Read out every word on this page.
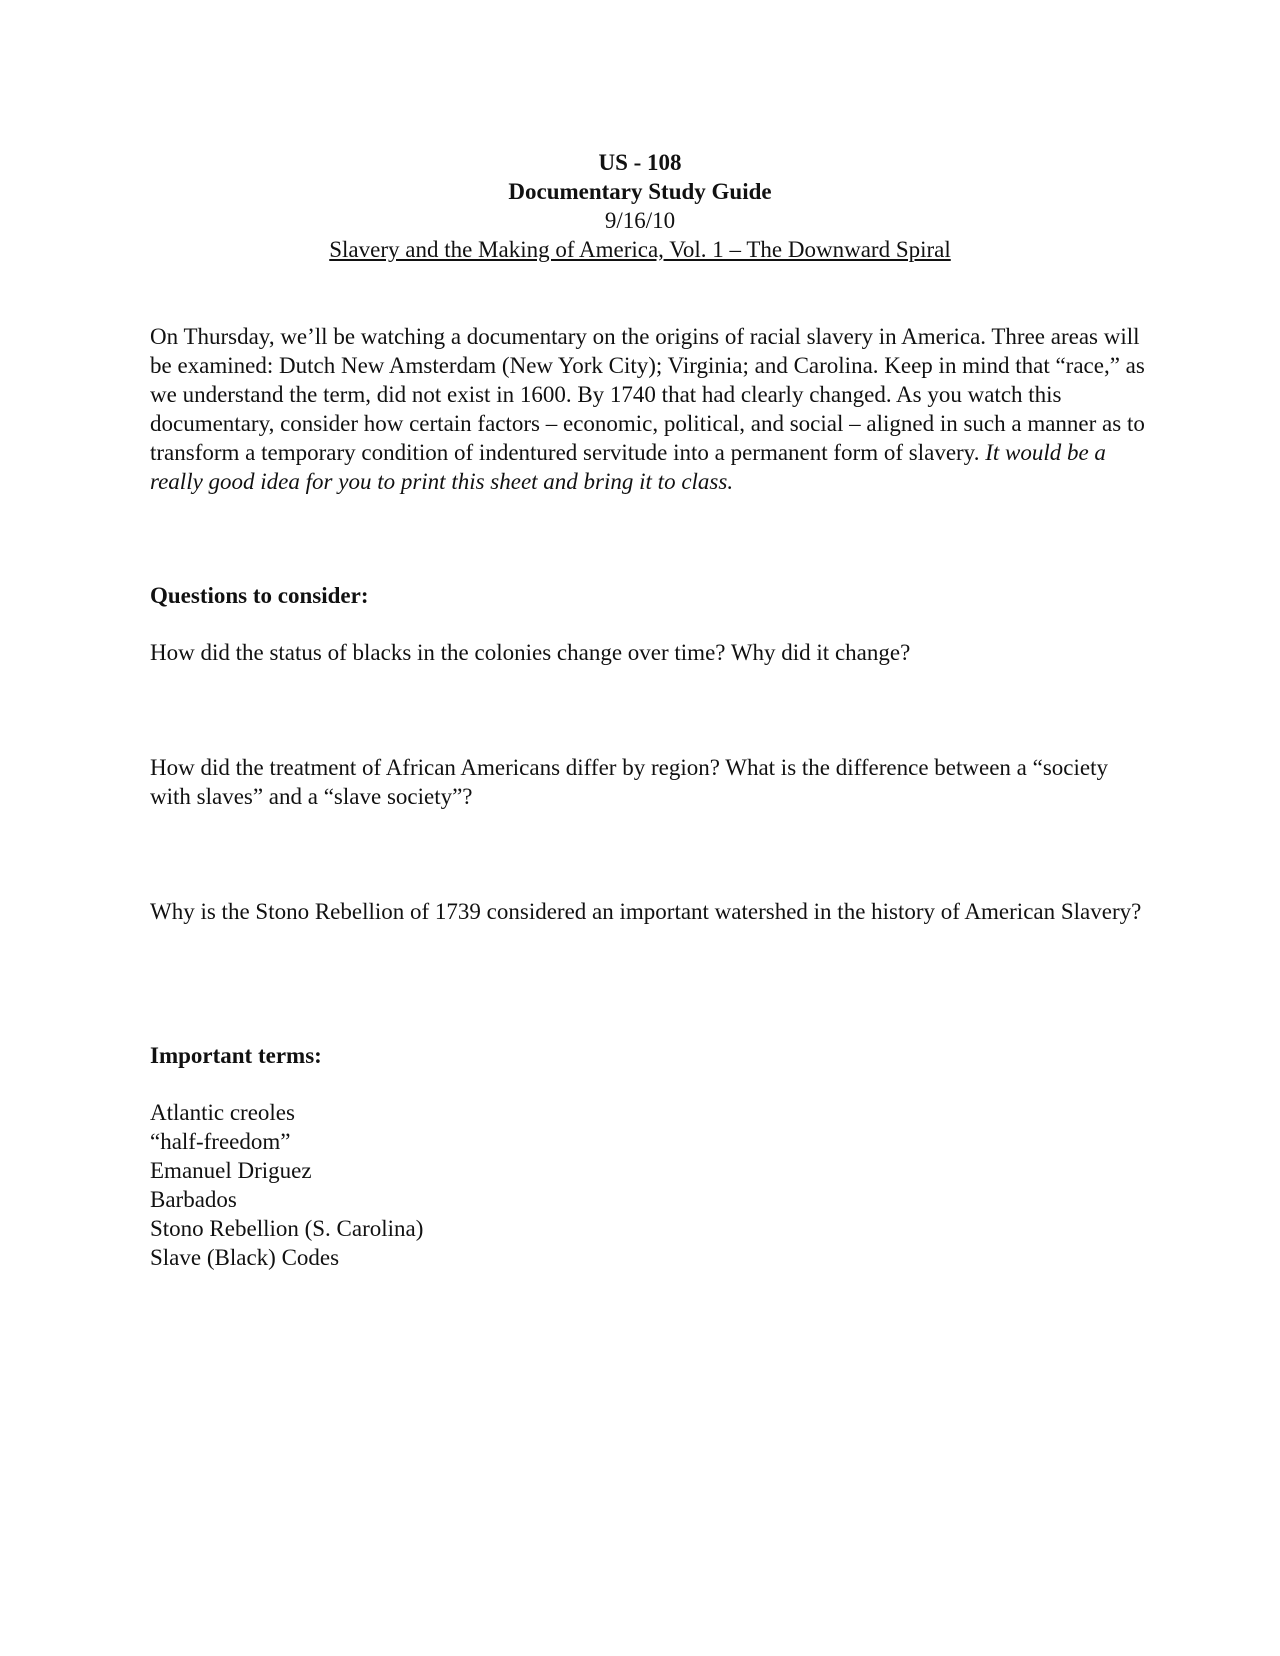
US - 108
Documentary Study Guide
9/16/10
Slavery and the Making of America, Vol. 1 – The Downward Spiral

On Thursday, we’ll be watching a documentary on the origins of racial slavery in America. Three areas will be examined: Dutch New Amsterdam (New York City); Virginia; and Carolina. Keep in mind that “race,” as we understand the term, did not exist in 1600. By 1740 that had clearly changed. As you watch this documentary, consider how certain factors – economic, political, and social – aligned in such a manner as to transform a temporary condition of indentured servitude into a permanent form of slavery. It would be a really good idea for you to print this sheet and bring it to class.

Questions to consider:

How did the status of blacks in the colonies change over time? Why did it change?
How did the treatment of African Americans differ by region? What is the difference between a “society with slaves” and a “slave society”?
Why is the Stono Rebellion of 1739 considered an important watershed in the history of American Slavery?

Important terms:

Atlantic creoles
“half-freedom”
Emanuel Driguez
Barbados
Stono Rebellion (S. Carolina)
Slave (Black) Codes
